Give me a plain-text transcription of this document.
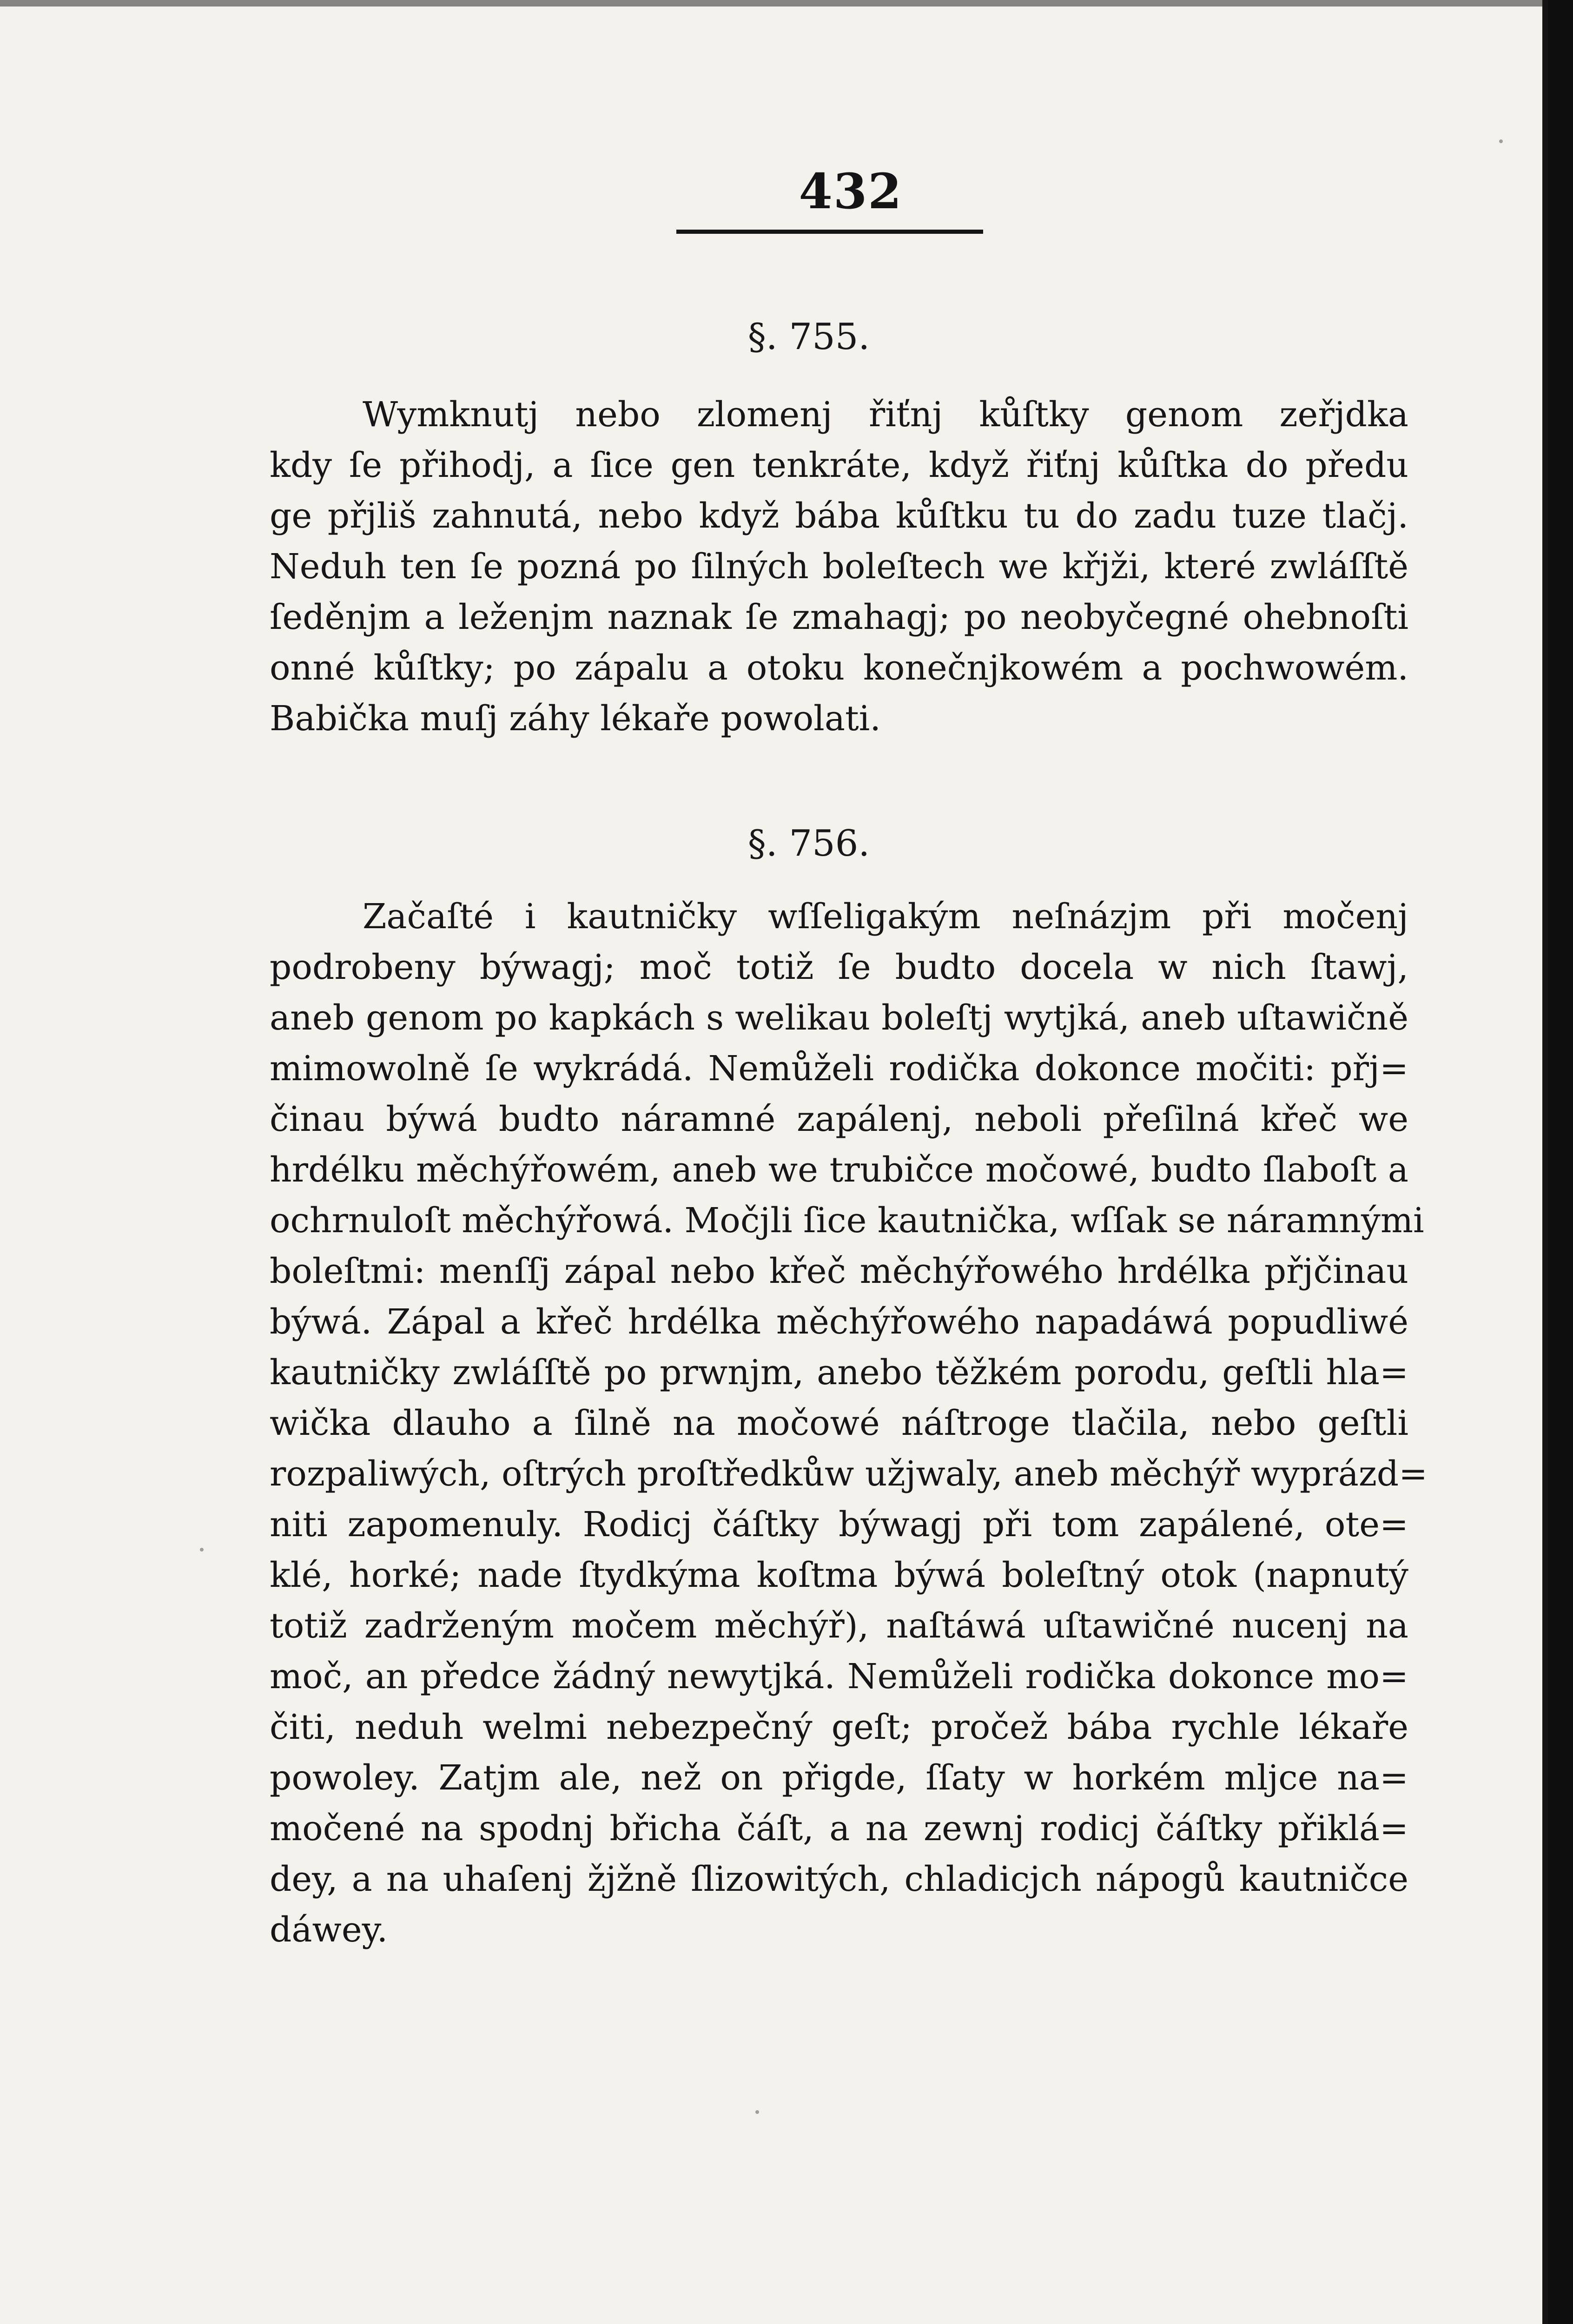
432
§. 755.

Wymknutj nebo zlomenj řiťnj kůſtky genom zeřjdka
kdy ſe přihodj, a ſice gen tenkráte, když řiťnj kůſtka do předu
ge přjliš zahnutá, nebo když bába kůſtku tu do zadu tuze tlačj.
Neduh ten ſe pozná po ſilných boleſtech we křjži, které zwláſſtě
ſeděnjm a leženjm naznak ſe zmahagj; po neobyčegné ohebnoſti
onné kůſtky; po zápalu a otoku konečnjkowém a pochwowém.
Babička muſj záhy lékaře powolati.

§. 756.

Začaſté i kautničky wſſeligakým neſnázjm při močenj
podrobeny býwagj; moč totiž ſe budto docela w nich ſtawj,
aneb genom po kapkách s welikau boleſtj wytjká, aneb uſtawičně
mimowolně ſe wykrádá. Nemůželi rodička dokonce močiti: přj=
činau býwá budto náramné zapálenj, neboli přeſilná křeč we
hrdélku měchýřowém, aneb we trubičce močowé, budto ſlaboſt a
ochrnuloſt měchýřowá. Močjli ſice kautnička, wſſak se náramnými
boleſtmi: menſſj zápal nebo křeč měchýřowého hrdélka přjčinau
býwá. Zápal a křeč hrdélka měchýřowého napadáwá popudliwé
kautničky zwláſſtě po prwnjm, anebo těžkém porodu, geſtli hla=
wička dlauho a ſilně na močowé náſtroge tlačila, nebo geſtli
rozpaliwých, oſtrých proſtředkůw užjwaly, aneb měchýř wyprázd=
niti zapomenuly. Rodicj čáſtky býwagj při tom zapálené, ote=
klé, horké; nade ſtydkýma koſtma býwá boleſtný otok (napnutý
totiž zadrženým močem měchýř), naſtáwá uſtawičné nucenj na
moč, an předce žádný newytjká. Nemůželi rodička dokonce mo=
čiti, neduh welmi nebezpečný geſt; pročež bába rychle lékaře
powoley. Zatjm ale, než on přigde, ſſaty w horkém mljce na=
močené na spodnj břicha čáſt, a na zewnj rodicj čáſtky přiklá=
dey, a na uhaſenj žjžně ſlizowitých, chladicjch nápogů kautničce
dáwey.
